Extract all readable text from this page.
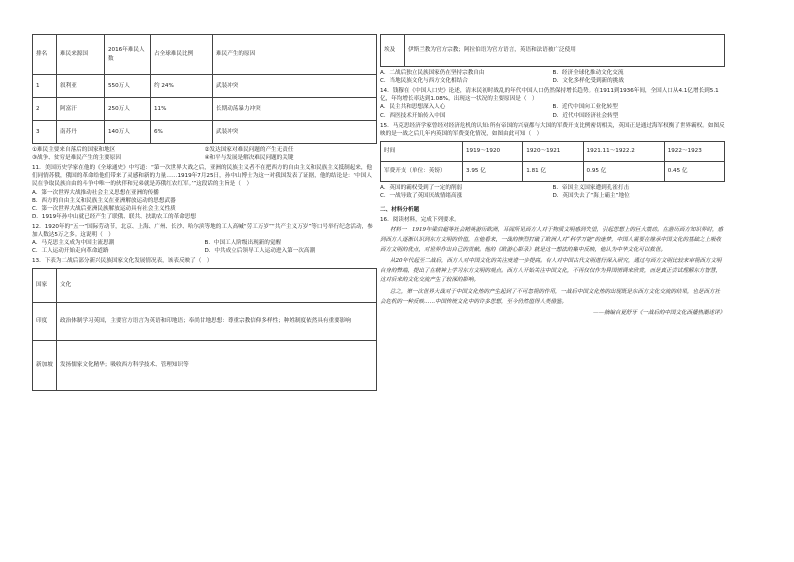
排名	难民来源国	2016年难民人数	占全球难民比例	难民产生的原因
1	叙利亚	550万人	约 24%	武装冲突
2	阿富汗	250万人	11%	长期动荡暴力冲突
3	南苏丹	140万人	6%	武装冲突
①难民主要来自落后的国家和地区	②发达国家对难民问题的产生无责任
③战争、贫穷是难民产生的主要原因	④和平与发展是解决难民问题的关键
11．美国历史学家在他的《全球通史》中写道：“第一次世界大战之后，亚洲的民族主义者不在把西方的自由主义和民族主义抵制起来，他们同情苏俄，俄国的革命给他们带来了灵感和新的力量……1919年7月25日，孙中山博士为这一对我国发表了证据，他的结论是：‘中国人民在争取民族自由的斗争中唯一的伙伴和兄弟就是苏俄红农红军。’”这段话的主旨是（　）
A．第一次世界大战推动社会主义思想在亚洲的传播
B．西方的自由主义和民族主义在亚洲解放运动的思想武器
C．第一次世界大战后亚洲民族解放运动具有社会主义性质
D．1919年孙中山就已经产生了联俄、联共、扶助农工的革命思想
12．1920年的“五一”国际劳动节，北京、上海、广州、长沙、哈尔滨等地的工人高喊“劳工万岁”“共产主义万岁”等口号举行纪念活动，参加人数达5万之多。这说明（　）
A．马克思主义成为中国主流思潮	B．中国工人阶级出现新的觉醒
C．工人运动开始走向革命道路	D．中共成立后领导工人运动进入第一次高潮
13．下表为二战后部分新兴民族国家文化发展情况表，该表反映了（　）
国家	文化
印度	政治体制学习英国，主要官方语言为英语和印地语；奉尚甘地思想：尊重宗教信仰多样性；种姓制度依然具有重要影响
新加坡	发扬儒家文化精华；吸收西方科学技术、管理知识等
埃及	伊斯兰教为官方宗教；阿拉伯语为官方语言，英语和法语被广泛使用
A．二战后独立民族国家仍在坚持宗教自由	B．经济全球化推动文化交流
C．当地民族文化与西方文化相结合	D．文化多样化受到新的挑战
14．钱穆在《中国人口史》论述，清末民初时战乱的年代中国人口仍然保持增长趋势。在1911到1936年间，全国人口从4.1亿增长到5.1亿，年均增长率达到1.08%，出现这一状况的主要原因是（　）
A．民主共和思想深入人心	B．近代中国向工业化转型
C．西医技术开始传入中国	D．近代中国经济社会转型
15．马克思经济学家曾经对经济危机的认知:所有帝国的兴衰都与大国的军费开支比例密切相关，英国正是通过海军权衡了世界霸权。如图反映的是一战之后几年内英国的军费变化情况，如图由此可知（　）
时间	1919～1920	1920～1921	1921.11～1922.2	1922～1923
军费开支（单位：英镑）	3.95 亿	1.81 亿	0.95 亿	0.45 亿
A．英国的霸权受到了一定的削弱	B．帝国主义国家遭到孔雀打击
C．一战导致了英国厌战情绪高涨	D．英国失去了“海上霸主”地位
二、材料分析题
16．阅读材料，完成下列要求。
材料一　1919年梁启超等社会精英游历欧洲，耳闻所见西方人对于物质文明感到失望，引起思想上的巨大震动。在游历西方知识界时，感到西方人逐渐认识到东方文明的价值，在他看来，一战的惨烈打破了欧洲人对“科学万能”的迷梦，中国人需要在继承中国文化的基础之上吸收西方文明的优点，对世界作出自己的贡献。他的《欧游心影录》就是这一想法的集中反映，他认为中华文化可以救世。
从20年代起至二战后，西方人对中国文化的关注度进一步提高。有人对中国古代文明进行深入研究，通过与西方文明比较来审视西方文明自身的弊端，提出了在精神上学习东方文明的观点。西方人开始关注中国文化，不再仅仅作为异国情调来欣赏，而是真正尝试理解东方智慧，这对后来的文化交流产生了较深的影响。
总之，第一次世界大战对于中国文化热的产生起到了不可忽视的作用，一战后中国文化热的出现既是东西方文化交流的结果，也是西方社会危机的一种反映……中国传统文化中的许多思想，至今仍然值得人类借鉴。
——摘编自夏舒牙《一战后的中国文化西播热潮述评》
